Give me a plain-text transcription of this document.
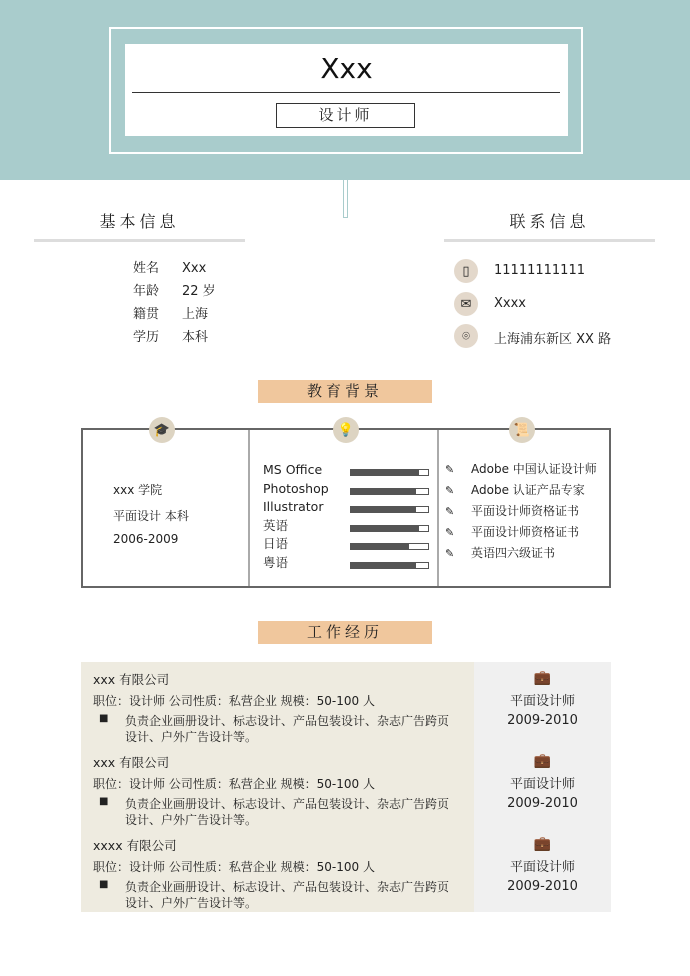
Xxx
设计师
基本信息
姓名 Xxx
年龄 22 岁
籍贯 上海
学历 本科
联系信息
▯	11111111111
✉	Xxxx
⌾	上海浦东新区 XX 路
教育背景
🎓	💡	📜
xxx 学院
平面设计 本科
2006-2009
MS Office
Photoshop
Illustrator
英语
日语
粤语
✎ Adobe 中国认证设计师
✎ Adobe 认证产品专家
✎ 平面设计师资格证书
✎ 平面设计师资格证书
✎ 英语四六级证书
工作经历
xxx 有限公司
职位：设计师 公司性质：私营企业 规模：50-100 人
■	负责企业画册设计、标志设计、产品包装设计、杂志广告跨页设计、户外广告设计等。
💼
平面设计师
2009-2010
xxx 有限公司
职位：设计师 公司性质：私营企业 规模：50-100 人
■	负责企业画册设计、标志设计、产品包装设计、杂志广告跨页设计、户外广告设计等。
💼
平面设计师
2009-2010
xxxx 有限公司
职位：设计师 公司性质：私营企业 规模：50-100 人
■	负责企业画册设计、标志设计、产品包装设计、杂志广告跨页设计、户外广告设计等。
💼
平面设计师
2009-2010
